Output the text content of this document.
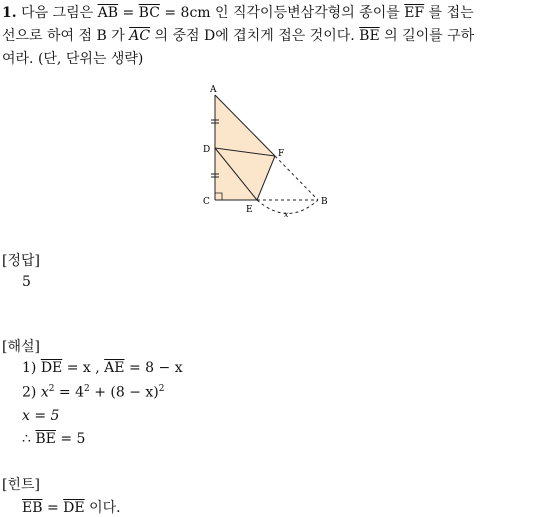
1. 다음 그림은 $\overline{AB} = \overline{BC} = 8cm$ 인 직각이등변삼각형의 종이를 $\overline{EF}$ 를 접는
선으로 하여 점 B 가 $\overline{AC}$ 의 중점 D에 겹치게 접은 것이다. $\overline{BE}$ 의 길이를 구하
여라. (단, 단위는 생략)
A
D
C
E
F
B
x
[정답]
5
[해설]
1) $\overline{DE} = x$ , $\overline{AE} = 8 - x$
2) $x^2 = 4^2 + (8 - x)^2$
x = 5
∴ $\overline{BE} = 5$
[힌트]
$\overline{EB} = \overline{DE}$ 이다.
